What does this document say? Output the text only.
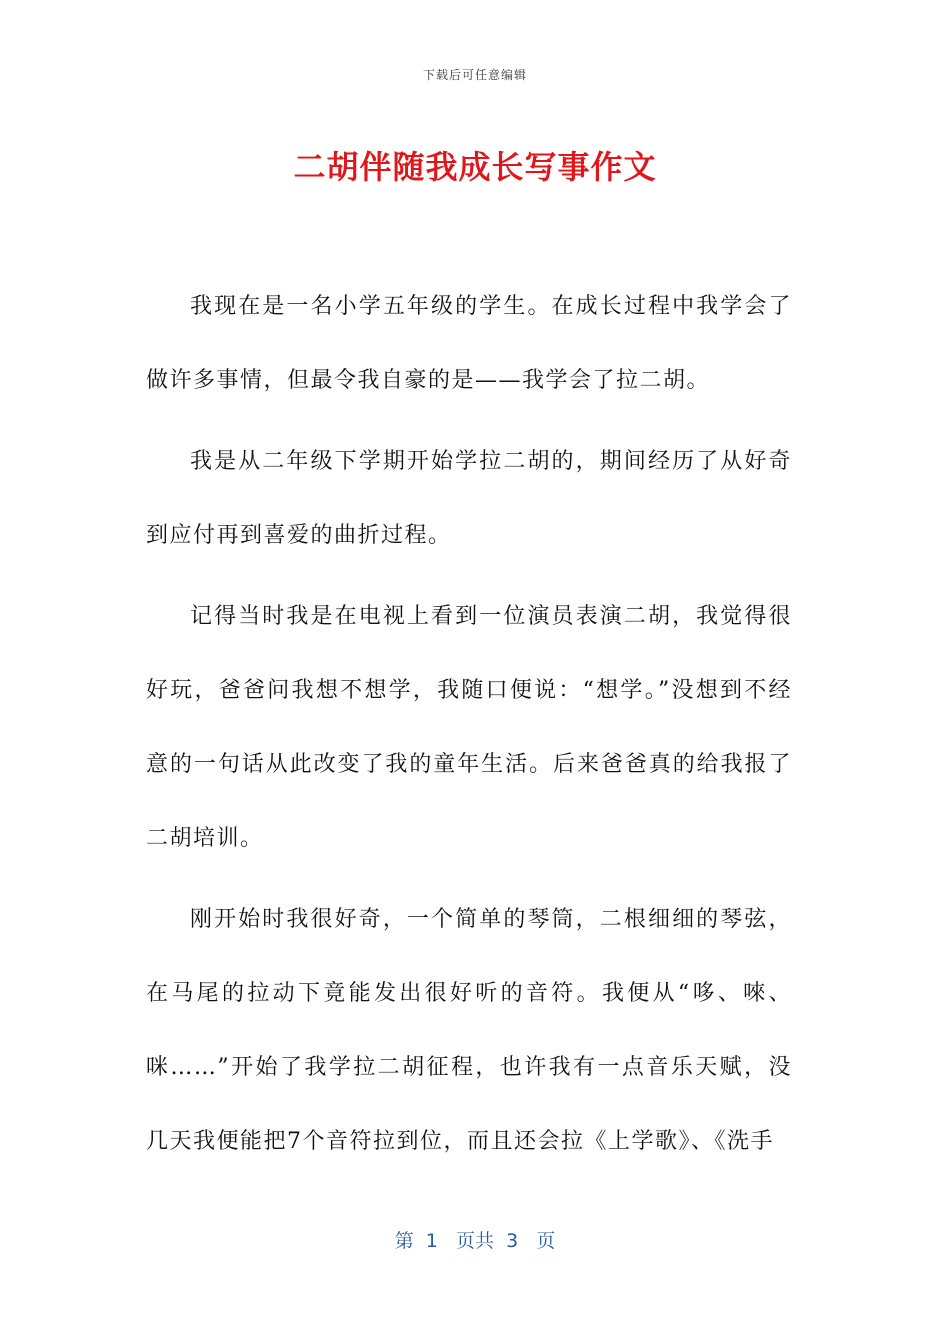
下载后可任意编辑
二胡伴随我成长写事作文

我现在是一名小学五年级的学生。在成长过程中我学会了做许多事情，但最令我自豪的是——我学会了拉二胡。

我是从二年级下学期开始学拉二胡的，期间经历了从好奇到应付再到喜爱的曲折过程。

记得当时我是在电视上看到一位演员表演二胡，我觉得很好玩，爸爸问我想不想学，我随口便说：“想学。”没想到不经意的一句话从此改变了我的童年生活。后来爸爸真的给我报了二胡培训。

刚开始时我很好奇，一个简单的琴筒，二根细细的琴弦，在马尾的拉动下竟能发出很好听的音符。我便从“哆、唻、咪……”开始了我学拉二胡征程，也许我有一点音乐天赋，没几天我便能把7个音符拉到位，而且还会拉《上学歌》、《洗手

第  1   页共  3   页
